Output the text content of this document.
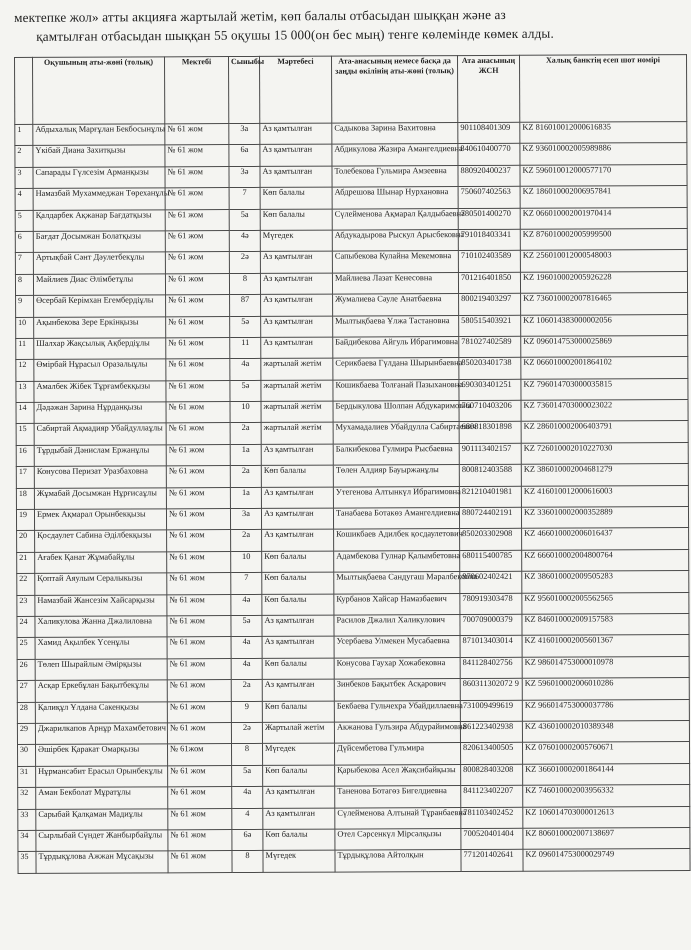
мектепке жол» атты акцияға жартылай жетім, көп балалы отбасыдан шыққан және аз
қамтылған отбасыдан шыққан 55 оқушы 15 000(он бес мың) тенге көлемінде көмек алды.
	Оқушының аты-жөні (толық)	Мектебі	Сыныбы	Мәртебесі	Ата-анасының немесе басқа да заңды өкілінің аты-жөні (толық)	Ата анасының ЖСН	Халық банктің есеп шот номірі
1	Абдыхалық Марғұлан Бекбосынұлы	№ 61 жом	3а	Аз қамтылған	Садыкова Зарина Вахитовна	901108401309	KZ 816010012000616835
2	Үкібай Диана Захитқызы	№ 61 жом	6а	Аз қамтылған	Абдикулова Жазира Амангелдиевна	840610400770	KZ 936010002005989886
3	Сапарады Гүлсезім Арманқызы	№ 61 жом	3ә	Аз қамтылған	Толебекова Гульмира Амзеевна	880920400237	KZ 596010012000577170
4	Намазбай Мухаммеджан Төреханұлы	№ 61 жом	7	Көп балалы	Абдрешова Шынар Нурхановна	750607402563	KZ 186010002006957841
5	Қалдарбек Ақжанар Бағдатқызы	№ 61 жом	5а	Көп балалы	Сүлейменова Ақмарал Қалдыбаевна	780501400270	KZ 066010002001970414
6	Бағдат Досымжан Болатқызы	№ 61 жом	4ә	Мүгедек	Абдукадырова Рыскул Арысбековна	791018403341	KZ 876010002005999500
7	Артықбай Сәнт Дәулетбекұлы	№ 61 жом	2ә	Аз қамтылған	Сапыбекова Кулайна Мекемовна	710102403589	KZ 256010012000548003
8	Майлиев Диас Әлімбетұлы	№ 61 жом	8	Аз қамтылған	Майлиева Лазат Кенесовна	701216401850	KZ 196010002005926228
9	Өсербай Керімхан Егембердіұлы	№ 61 жом	87	Аз қамтылған	Жумалиева Сауле Анатбаевна	800219403297	KZ 736010002007816465
10	Ақынбекова Зере Еркінқызы	№ 61 жом	5ә	Аз қамтылған	Мылтықбаева Ұлжа Тастановна	580515403921	KZ 106014383000002056
11	Шалхар Жақсылық Ақбердіұлы	№ 61 жом	11	Аз қамтылған	Байдибекова Айгуль Ибрагимовна	781027402589	KZ 096014753000025869
12	Өмірбай Нұрасыл Оразалыұлы	№ 61 жом	4а	жартылай жетім	Серикбаева Гүлдана Шырынбаевна	850203401738	KZ 066010002001864102
13	Амалбек Жібек Тұрғамбекқызы	№ 61 жом	5ә	жартылай жетім	Кошикбаева Толғанай Пазыхановна	690303401251	KZ 796014703000035815
14	Дәдәжан Зарина Нұрданқызы	№ 61 жом	10	жартылай жетім	Бердыкулова Шолпан Абдукаримовна	760710403206	KZ 736014703000023022
15	Сабиртай Ақмадияр Убайдуллаұлы	№ 61 жом	2а	жартылай жетім	Мухамадалиев Убайдулла Сабиртаевич	680818301898	KZ 286010002006403791
16	Тұрдыбай Дәнислам Ержанұлы	№ 61 жом	1а	Аз қамтылған	Балкибекова Гулмира Рысбаевна	901113402157	KZ 726010002010227030
17	Конусова Перизат Уразбаховна	№ 61 жом	2а	Көп балалы	Төлен Алдияр Бауыржанұлы	800812403588	KZ 386010002004681279
18	Жұмабай Досымжан Нұрғисаұлы	№ 61 жом	1а	Аз қамтылған	Утегенова Алтынкүл Ибрагимовна	821210401981	KZ 416010012000616003
19	Ермек Ақмарал Орынбекқызы	№ 61 жом	3а	Аз қамтылған	Танабаева Ботакөз Амангелдиевна	880724402191	KZ 336010002000352889
20	Қосдаулет Сабина Әділбекқызы	№ 61 жом	2а	Аз қамтылған	Кошикбаев Адилбек қосдаулетович	850203302908	KZ 466010002006016437
21	Ағабек Қанат Жұмабайұлы	№ 61 жом	10	Көп балалы	Адамбекова Гулнар Қалымбетовна	680115400785	KZ 666010002004800764
22	Қоптай Аяулым Сералыкызы	№ 61 жом	7	Көп балалы	Мылтықбаева Сандугаш Маралбековна	870602402421	KZ 386010002009505283
23	Намазбай Жансезім Хайсарқызы	№ 61 жом	4ә	Көп балалы	Курбанов Хайсар Намазбаевич	780919303478	KZ 956010002005562565
24	Халикулова Жанна Джалиловна	№ 61 жом	5ә	Аз қамтылған	Расилов Джалил Халикулович	700709000379	KZ 846010002009157583
25	Хамид Ақылбек Үсенұлы	№ 61 жом	4а	Аз қамтылған	Усербаева Улмекен Мусабаевна	871013403014	KZ 416010002005601367
26	Төлеп Шырайлым Әмірқызы	№ 61 жом	4а	Көп балалы	Конусова Гаухар Хожабековна	841128402756	KZ 986014753000010978
27	Асқар Еркебұлан Бақытбекұлы	№ 61 жом	2а	Аз қамтылған	Зинбеков Бақытбек Асқарович	860311302072 9	KZ 596010002006010286
28	Қалиқұл Ұлдана Сакенқызы	№ 61 жом	9	Көп балалы	Бекбаева Гульчехра Убайдиллаевна	731009499619	KZ 966014753000037786
29	Джарилкапов Арнұр Махамбетович	№ 61 жом	2ә	Жартылай жетім	Акжанова Гулъзира Абдурайимовна	861223402938	KZ 436010002010389348
30	Әшірбек Қаракат Омарқызы	№ 61жом	8	Мүгедек	Дүйсембетова Гулъмира	820613400505	KZ 076010002005760671
31	Нұрмансәбит Ерасыл Орынбекұлы	№ 61 жом	5а	Көп балалы	Қарыбекова Асел Жақсибайқызы	800828403208	KZ 366010002001864144
32	Аман Бекболат Мұратұлы	№ 61 жом	4а	Аз қамтылған	Таненова Ботагөз Бигелдиевна	841123402207	KZ 746010002003956332
33	Сарыбай Қалқаман Мадиұлы	№ 61 жом	4	Аз қамтылған	Сүлейменова Алтынай Тұранбаевна	781103402452	KZ 106014703000012613
34	Сырлыбай Сүндет Жанбырбайұлы	№ 61 жом	6ә	Көп балалы	Отел Сәрсенкүл Мірсәлқызы	700520401404	KZ 806010002007138697
35	Тұрдықұлова Ажжан Мұсақызы	№ 61 жом	8	Мүгедек	Тұрдықұлова Айтолқын	771201402641	KZ 096014753000029749
